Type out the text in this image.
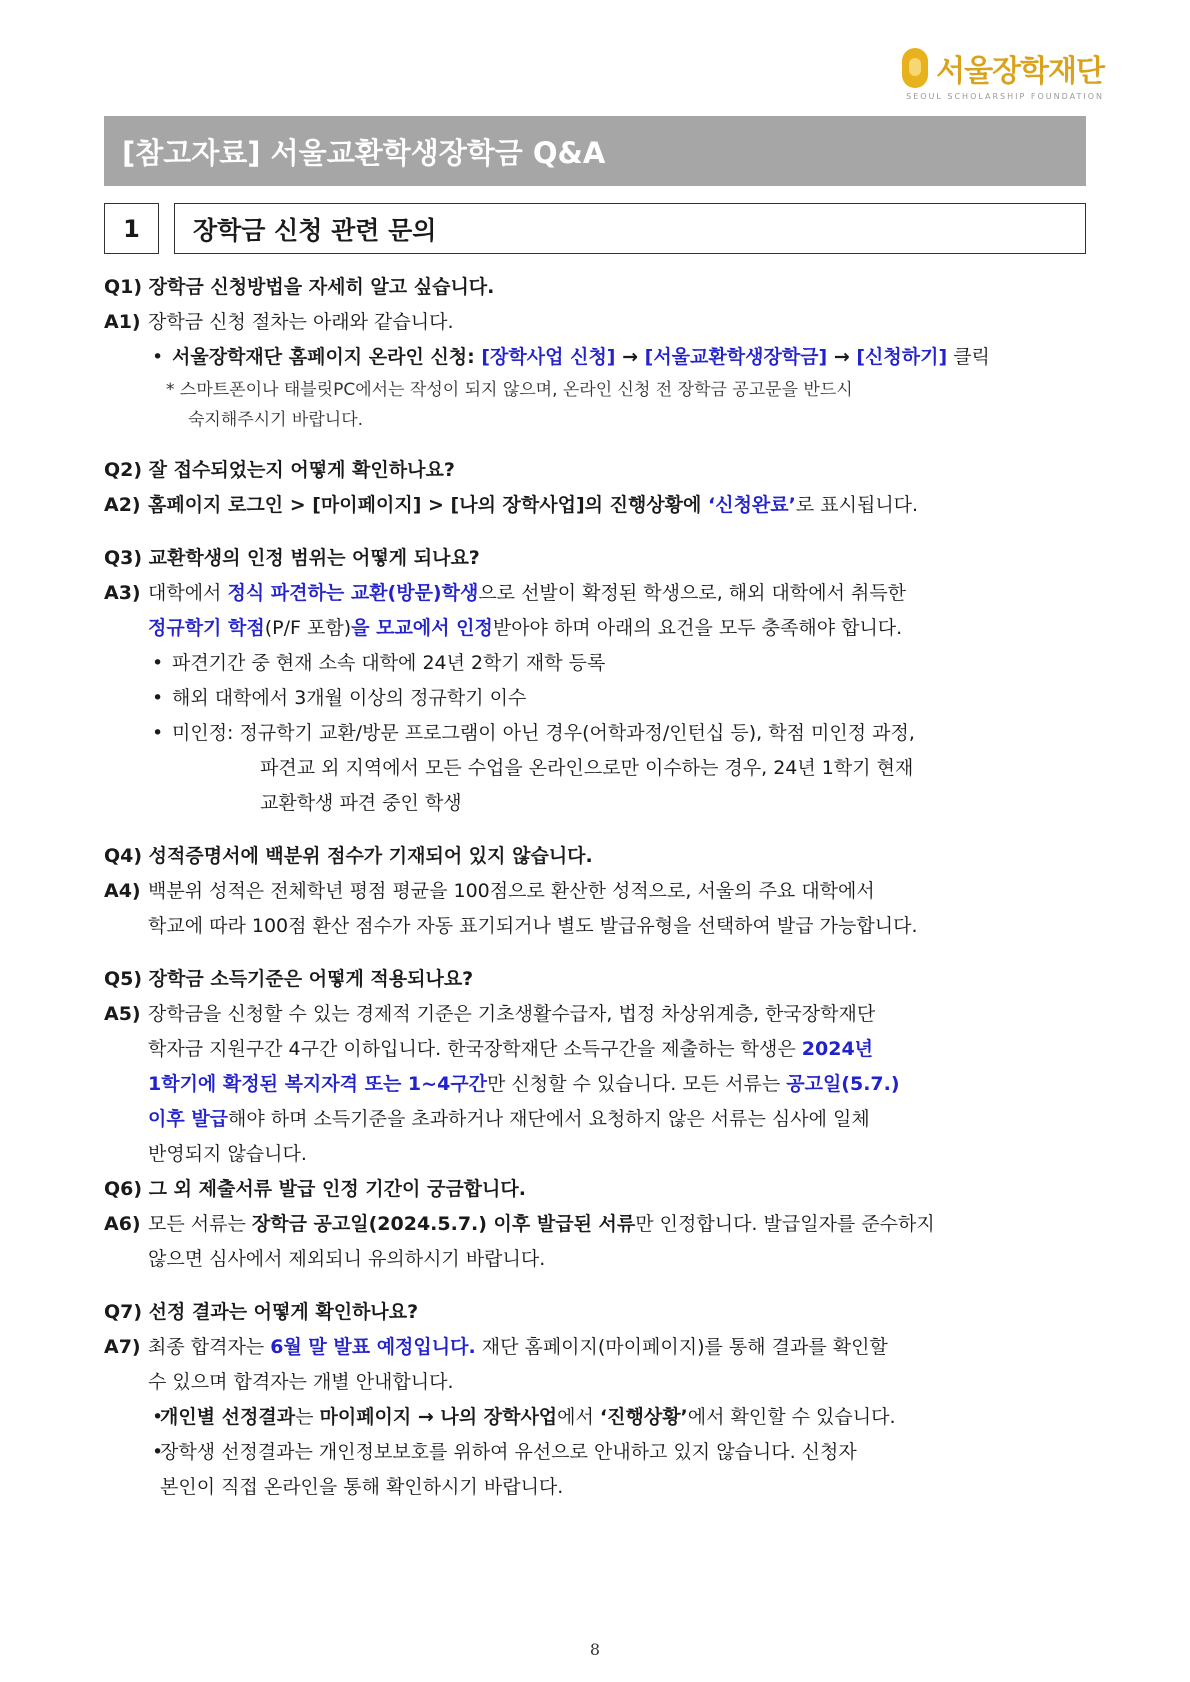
서울장학재단
SEOUL SCHOLARSHIP FOUNDATION
[참고자료] 서울교환학생장학금 Q&A
1	장학금 신청 관련 문의
Q1) 장학금 신청방법을 자세히 알고 싶습니다.
A1) 장학금 신청 절차는 아래와 같습니다.
• 서울장학재단 홈페이지 온라인 신청: [장학사업 신청] → [서울교환학생장학금] → [신청하기] 클릭
* 스마트폰이나 태블릿PC에서는 작성이 되지 않으며, 온라인 신청 전 장학금 공고문을 반드시
숙지해주시기 바랍니다.
Q2) 잘 접수되었는지 어떻게 확인하나요?
A2) 홈페이지 로그인 > [마이페이지] > [나의 장학사업]의 진행상황에 ‘신청완료’로 표시됩니다.
Q3) 교환학생의 인정 범위는 어떻게 되나요?
A3) 대학에서 정식 파견하는 교환(방문)학생으로 선발이 확정된 학생으로, 해외 대학에서 취득한
정규학기 학점(P/F 포함)을 모교에서 인정받아야 하며 아래의 요건을 모두 충족해야 합니다.
• 파견기간 중 현재 소속 대학에 24년 2학기 재학 등록
• 해외 대학에서 3개월 이상의 정규학기 이수
• 미인정: 정규학기 교환/방문 프로그램이 아닌 경우(어학과정/인턴십 등), 학점 미인정 과정,
파견교 외 지역에서 모든 수업을 온라인으로만 이수하는 경우, 24년 1학기 현재
교환학생 파견 중인 학생
Q4) 성적증명서에 백분위 점수가 기재되어 있지 않습니다.
A4) 백분위 성적은 전체학년 평점 평균을 100점으로 환산한 성적으로, 서울의 주요 대학에서
학교에 따라 100점 환산 점수가 자동 표기되거나 별도 발급유형을 선택하여 발급 가능합니다.
Q5) 장학금 소득기준은 어떻게 적용되나요?
A5) 장학금을 신청할 수 있는 경제적 기준은 기초생활수급자, 법정 차상위계층, 한국장학재단
학자금 지원구간 4구간 이하입니다. 한국장학재단 소득구간을 제출하는 학생은 2024년
1학기에 확정된 복지자격 또는 1~4구간만 신청할 수 있습니다. 모든 서류는 공고일(5.7.)
이후 발급해야 하며 소득기준을 초과하거나 재단에서 요청하지 않은 서류는 심사에 일체
반영되지 않습니다.
Q6) 그 외 제출서류 발급 인정 기간이 궁금합니다.
A6) 모든 서류는 장학금 공고일(2024.5.7.) 이후 발급된 서류만 인정합니다. 발급일자를 준수하지
않으면 심사에서 제외되니 유의하시기 바랍니다.
Q7) 선정 결과는 어떻게 확인하나요?
A7) 최종 합격자는 6월 말 발표 예정입니다. 재단 홈페이지(마이페이지)를 통해 결과를 확인할
수 있으며 합격자는 개별 안내합니다.
• 개인별 선정결과는 마이페이지 → 나의 장학사업에서 ‘진행상황’에서 확인할 수 있습니다.
• 장학생 선정결과는 개인정보보호를 위하여 유선으로 안내하고 있지 않습니다. 신청자
본인이 직접 온라인을 통해 확인하시기 바랍니다.
8
